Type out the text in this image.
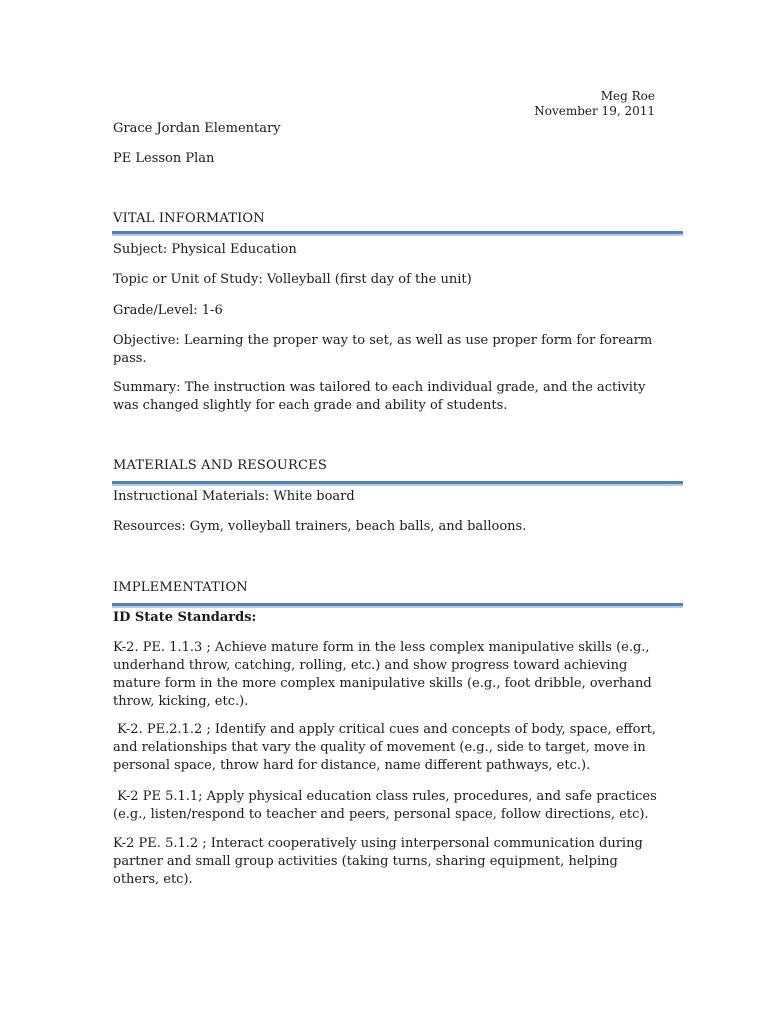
Meg Roe
November 19, 2011
Grace Jordan Elementary
PE Lesson Plan
VITAL INFORMATION
Subject: Physical Education
Topic or Unit of Study: Volleyball (first day of the unit)
Grade/Level: 1-6
Objective: Learning the proper way to set, as well as use proper form for forearm pass.
Summary: The instruction was tailored to each individual grade, and the activity was changed slightly for each grade and ability of students.
MATERIALS AND RESOURCES
Instructional Materials: White board
Resources: Gym, volleyball trainers, beach balls, and balloons.
IMPLEMENTATION
ID State Standards:
K-2. PE. 1.1.3 ; Achieve mature form in the less complex manipulative skills (e.g., underhand throw, catching, rolling, etc.) and show progress toward achieving mature form in the more complex manipulative skills (e.g., foot dribble, overhand throw, kicking, etc.).
K-2. PE.2.1.2 ; Identify and apply critical cues and concepts of body, space, effort, and relationships that vary the quality of movement (e.g., side to target, move in personal space, throw hard for distance, name different pathways, etc.).
K-2 PE 5.1.1; Apply physical education class rules, procedures, and safe practices (e.g., listen/respond to teacher and peers, personal space, follow directions, etc).
K-2 PE. 5.1.2 ; Interact cooperatively using interpersonal communication during partner and small group activities (taking turns, sharing equipment, helping others, etc).
